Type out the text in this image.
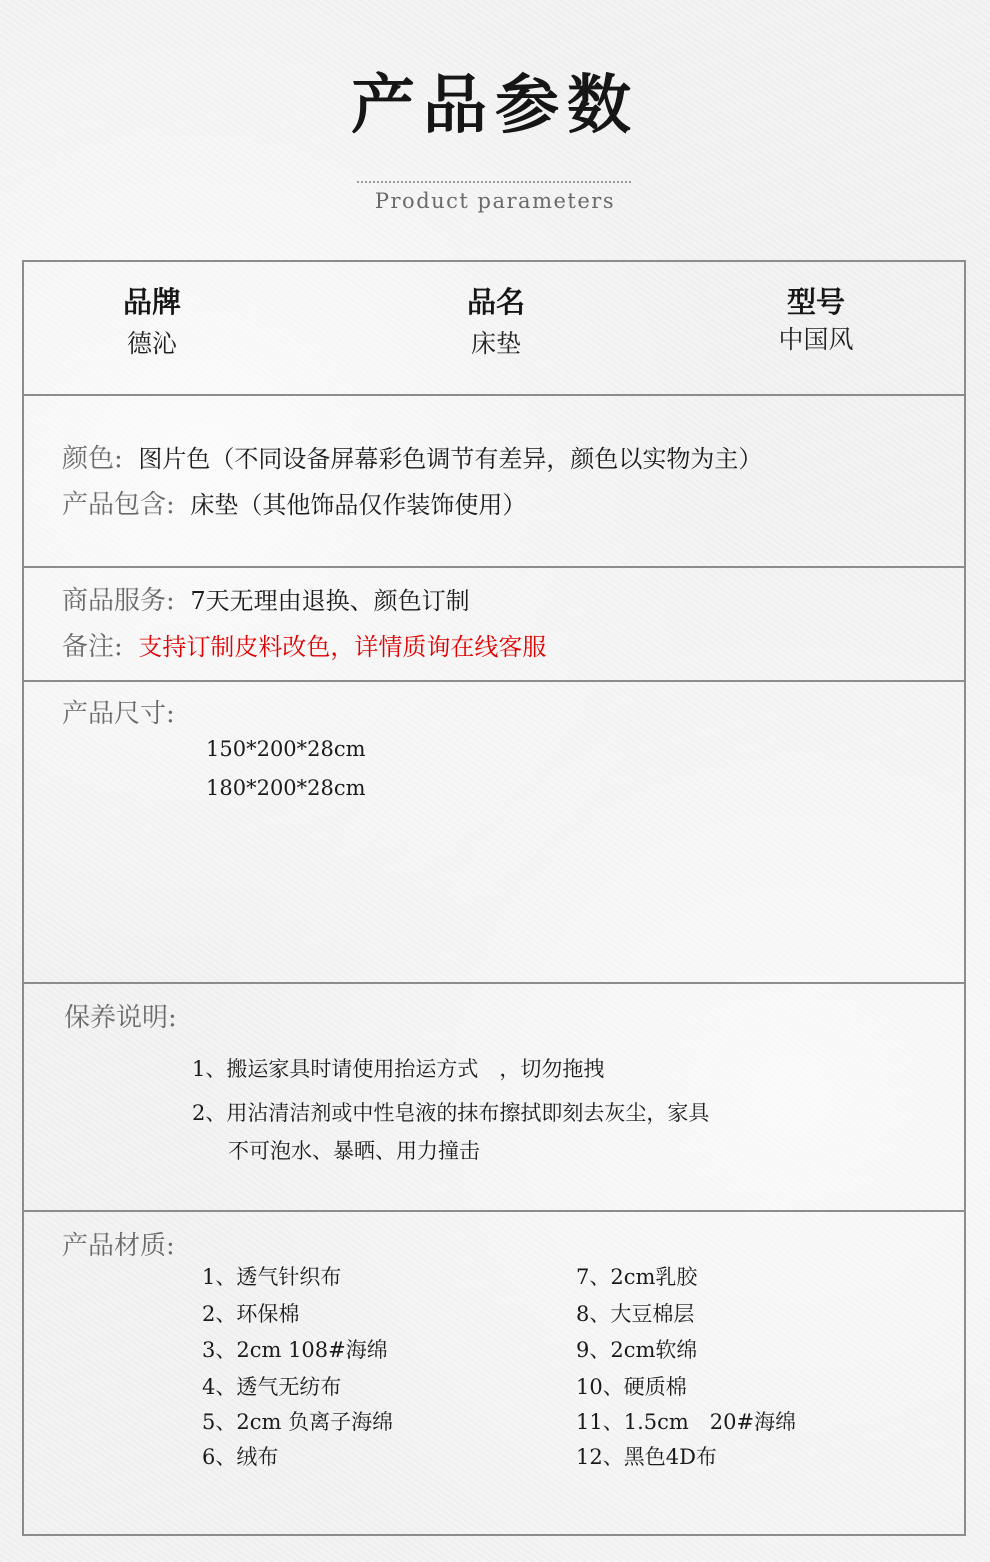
产品参数
Product parameters
品牌
德沁
品名
床垫
型号
中国风
颜色: 图片色（不同设备屏幕彩色调节有差异，颜色以实物为主）
产品包含: 床垫（其他饰品仅作装饰使用）
商品服务: 7天无理由退换、颜色订制
备注: 支持订制皮料改色，详情质询在线客服
产品尺寸:
150*200*28cm
180*200*28cm
保养说明:
1、搬运家具时请使用抬运方式　，切勿拖拽
2、用沾清洁剂或中性皂液的抹布擦拭即刻去灰尘，家具
不可泡水、暴晒、用力撞击
产品材质:
1、透气针织布
2、环保棉
3、2cm 108#海绵
4、透气无纺布
5、2cm 负离子海绵
6、绒布
7、2cm乳胶
8、大豆棉层
9、2cm软绵
10、硬质棉
11、1.5cm　20#海绵
12、黑色4D布
